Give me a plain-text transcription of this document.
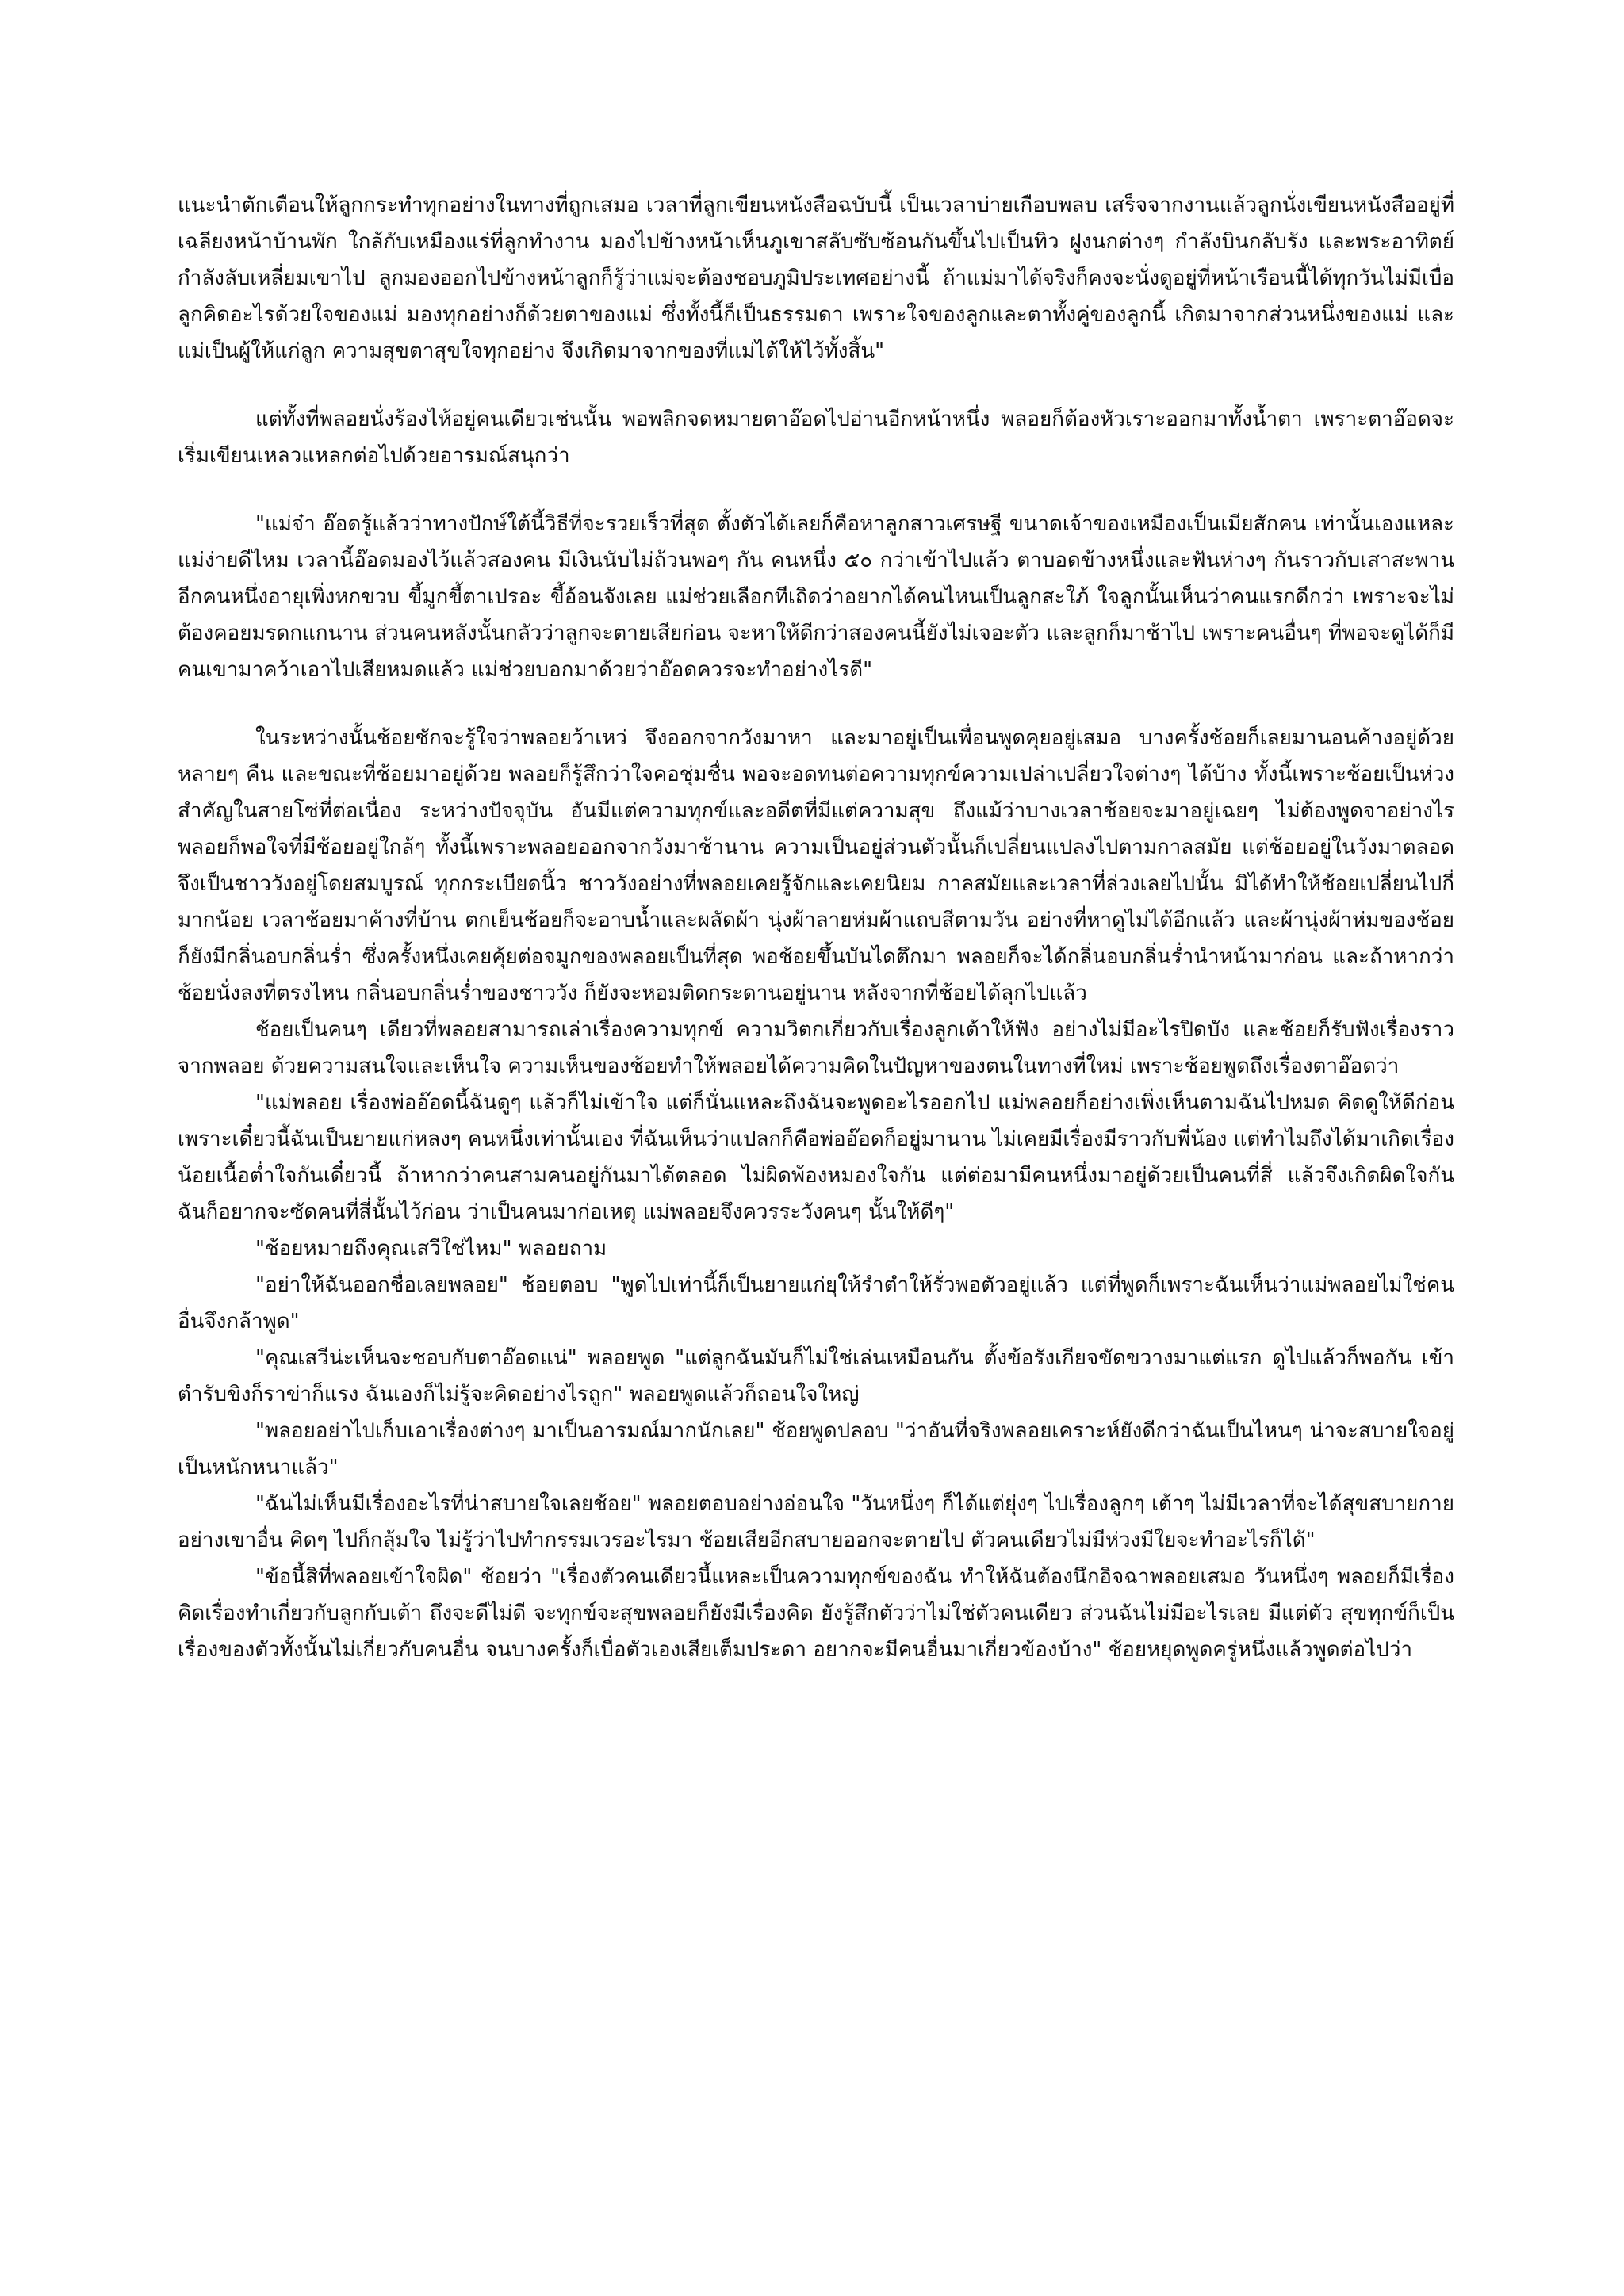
แนะนำตักเตือนให้ลูกกระทำทุกอย่างในทางที่ถูกเสมอ เวลาที่ลูกเขียนหนังสือฉบับนี้ เป็นเวลาบ่ายเกือบพลบ เสร็จจากงานแล้วลูกนั่งเขียนหนังสืออยู่ที่เฉลียงหน้าบ้านพัก ใกล้กับเหมืองแร่ที่ลูกทำงาน มองไปข้างหน้าเห็นภูเขาสลับซับซ้อนกันขึ้นไปเป็นทิว ฝูงนกต่างๆ กำลังบินกลับรัง และพระอาทิตย์กำลังลับเหลี่ยมเขาไป ลูกมองออกไปข้างหน้าลูกก็รู้ว่าแม่จะต้องชอบภูมิประเทศอย่างนี้ ถ้าแม่มาได้จริงก็คงจะนั่งดูอยู่ที่หน้าเรือนนี้ได้ทุกวันไม่มีเบื่อ ลูกคิดอะไรด้วยใจของแม่ มองทุกอย่างก็ด้วยตาของแม่ ซึ่งทั้งนี้ก็เป็นธรรมดา เพราะใจของลูกและตาทั้งคู่ของลูกนี้ เกิดมาจากส่วนหนึ่งของแม่ และแม่เป็นผู้ให้แก่ลูก ความสุขตาสุขใจทุกอย่าง จึงเกิดมาจากของที่แม่ได้ให้ไว้ทั้งสิ้น"

แต่ทั้งที่พลอยนั่งร้องไห้อยู่คนเดียวเช่นนั้น พอพลิกจดหมายตาอ๊อดไปอ่านอีกหน้าหนึ่ง พลอยก็ต้องหัวเราะออกมาทั้งน้ำตา เพราะตาอ๊อดจะเริ่มเขียนเหลวแหลกต่อไปด้วยอารมณ์สนุกว่า

"แม่จ๋า อ๊อดรู้แล้วว่าทางปักษ์ใต้นี้วิธีที่จะรวยเร็วที่สุด ตั้งตัวได้เลยก็คือหาลูกสาวเศรษฐี ขนาดเจ้าของเหมืองเป็นเมียสักคน เท่านั้นเองแหละแม่ง่ายดีไหม เวลานี้อ๊อดมองไว้แล้วสองคน มีเงินนับไม่ถ้วนพอๆ กัน คนหนึ่ง ๕๐ กว่าเข้าไปแล้ว ตาบอดข้างหนึ่งและฟันห่างๆ กันราวกับเสาสะพาน อีกคนหนึ่งอายุเพิ่งหกขวบ ขี้มูกขี้ตาเปรอะ ขี้อ้อนจังเลย แม่ช่วยเลือกทีเถิดว่าอยากได้คนไหนเป็นลูกสะใภ้ ใจลูกนั้นเห็นว่าคนแรกดีกว่า เพราะจะไม่ต้องคอยมรดกแกนาน ส่วนคนหลังนั้นกลัวว่าลูกจะตายเสียก่อน จะหาให้ดีกว่าสองคนนี้ยังไม่เจอะตัว และลูกก็มาช้าไป เพราะคนอื่นๆ ที่พอจะดูได้ก็มีคนเขามาคว้าเอาไปเสียหมดแล้ว แม่ช่วยบอกมาด้วยว่าอ๊อดควรจะทำอย่างไรดี"

ในระหว่างนั้นช้อยชักจะรู้ใจว่าพลอยว้าเหว่ จึงออกจากวังมาหา และมาอยู่เป็นเพื่อนพูดคุยอยู่เสมอ บางครั้งช้อยก็เลยมานอนค้างอยู่ด้วยหลายๆ คืน และขณะที่ช้อยมาอยู่ด้วย พลอยก็รู้สึกว่าใจคอชุ่มชื่น พอจะอดทนต่อความทุกข์ความเปล่าเปลี่ยวใจต่างๆ ได้บ้าง ทั้งนี้เพราะช้อยเป็นห่วงสำคัญในสายโซ่ที่ต่อเนื่อง ระหว่างปัจจุบัน อันมีแต่ความทุกข์และอดีตที่มีแต่ความสุข ถึงแม้ว่าบางเวลาช้อยจะมาอยู่เฉยๆ ไม่ต้องพูดจาอย่างไร พลอยก็พอใจที่มีช้อยอยู่ใกล้ๆ ทั้งนี้เพราะพลอยออกจากวังมาช้านาน ความเป็นอยู่ส่วนตัวนั้นก็เปลี่ยนแปลงไปตามกาลสมัย แต่ช้อยอยู่ในวังมาตลอด จึงเป็นชาววังอยู่โดยสมบูรณ์ ทุกกระเบียดนิ้ว ชาววังอย่างที่พลอยเคยรู้จักและเคยนิยม กาลสมัยและเวลาที่ล่วงเลยไปนั้น มิได้ทำให้ช้อยเปลี่ยนไปกี่มากน้อย เวลาช้อยมาค้างที่บ้าน ตกเย็นช้อยก็จะอาบน้ำและผลัดผ้า นุ่งผ้าลายห่มผ้าแถบสีตามวัน อย่างที่หาดูไม่ได้อีกแล้ว และผ้านุ่งผ้าห่มของช้อยก็ยังมีกลิ่นอบกลิ่นร่ำ ซึ่งครั้งหนึ่งเคยคุ้ยต่อจมูกของพลอยเป็นที่สุด พอช้อยขึ้นบันไดตึกมา พลอยก็จะได้กลิ่นอบกลิ่นร่ำนำหน้ามาก่อน และถ้าหากว่าช้อยนั่งลงที่ตรงไหน กลิ่นอบกลิ่นร่ำของชาววัง ก็ยังจะหอมติดกระดานอยู่นาน หลังจากที่ช้อยได้ลุกไปแล้ว

ช้อยเป็นคนๆ เดียวที่พลอยสามารถเล่าเรื่องความทุกข์ ความวิตกเกี่ยวกับเรื่องลูกเต้าให้ฟัง อย่างไม่มีอะไรปิดบัง และช้อยก็รับฟังเรื่องราวจากพลอย ด้วยความสนใจและเห็นใจ ความเห็นของช้อยทำให้พลอยได้ความคิดในปัญหาของตนในทางที่ใหม่ เพราะช้อยพูดถึงเรื่องตาอ๊อดว่า

"แม่พลอย เรื่องพ่ออ๊อดนี้ฉันดูๆ แล้วก็ไม่เข้าใจ แต่ก็นั่นแหละถึงฉันจะพูดอะไรออกไป แม่พลอยก็อย่างเพิ่งเห็นตามฉันไปหมด คิดดูให้ดีก่อน เพราะเดี๋ยวนี้ฉันเป็นยายแก่หลงๆ คนหนึ่งเท่านั้นเอง ที่ฉันเห็นว่าแปลกก็คือพ่ออ๊อดก็อยู่มานาน ไม่เคยมีเรื่องมีราวกับพี่น้อง แต่ทำไมถึงได้มาเกิดเรื่องน้อยเนื้อต่ำใจกันเดี๋ยวนี้ ถ้าหากว่าคนสามคนอยู่กันมาได้ตลอด ไม่ผิดพ้องหมองใจกัน แต่ต่อมามีคนหนึ่งมาอยู่ด้วยเป็นคนที่สี่ แล้วจึงเกิดผิดใจกัน ฉันก็อยากจะซัดคนที่สี่นั้นไว้ก่อน ว่าเป็นคนมาก่อเหตุ แม่พลอยจึงควรระวังคนๆ นั้นให้ดีๆ"

"ช้อยหมายถึงคุณเสวีใช่ไหม" พลอยถาม

"อย่าให้ฉันออกชื่อเลยพลอย" ช้อยตอบ "พูดไปเท่านี้ก็เป็นยายแก่ยุให้รำตำให้รั่วพอตัวอยู่แล้ว แต่ที่พูดก็เพราะฉันเห็นว่าแม่พลอยไม่ใช่คนอื่นจึงกล้าพูด"

"คุณเสวีน่ะเห็นจะชอบกับตาอ๊อดแน่" พลอยพูด "แต่ลูกฉันมันก็ไม่ใช่เล่นเหมือนกัน ตั้งข้อรังเกียจขัดขวางมาแต่แรก ดูไปแล้วก็พอกัน เข้าตำรับขิงก็ราข่าก็แรง ฉันเองก็ไม่รู้จะคิดอย่างไรถูก" พลอยพูดแล้วก็ถอนใจใหญ่

"พลอยอย่าไปเก็บเอาเรื่องต่างๆ มาเป็นอารมณ์มากนักเลย" ช้อยพูดปลอบ "ว่าอันที่จริงพลอยเคราะห์ยังดีกว่าฉันเป็นไหนๆ น่าจะสบายใจอยู่เป็นหนักหนาแล้ว"

"ฉันไม่เห็นมีเรื่องอะไรที่น่าสบายใจเลยช้อย" พลอยตอบอย่างอ่อนใจ "วันหนึ่งๆ ก็ได้แต่ยุ่งๆ ไปเรื่องลูกๆ เต้าๆ ไม่มีเวลาที่จะได้สุขสบายกายอย่างเขาอื่น คิดๆ ไปก็กลุ้มใจ ไม่รู้ว่าไปทำกรรมเวรอะไรมา ช้อยเสียอีกสบายออกจะตายไป ตัวคนเดียวไม่มีห่วงมีใยจะทำอะไรก็ได้"

"ข้อนี้สิที่พลอยเข้าใจผิด" ช้อยว่า "เรื่องตัวคนเดียวนี้แหละเป็นความทุกข์ของฉัน ทำให้ฉันต้องนึกอิจฉาพลอยเสมอ วันหนึ่งๆ พลอยก็มีเรื่องคิดเรื่องทำเกี่ยวกับลูกกับเต้า ถึงจะดีไม่ดี จะทุกข์จะสุขพลอยก็ยังมีเรื่องคิด ยังรู้สึกตัวว่าไม่ใช่ตัวคนเดียว ส่วนฉันไม่มีอะไรเลย มีแต่ตัว สุขทุกข์ก็เป็นเรื่องของตัวทั้งนั้นไม่เกี่ยวกับคนอื่น จนบางครั้งก็เบื่อตัวเองเสียเต็มประดา อยากจะมีคนอื่นมาเกี่ยวข้องบ้าง" ช้อยหยุดพูดครู่หนึ่งแล้วพูดต่อไปว่า
